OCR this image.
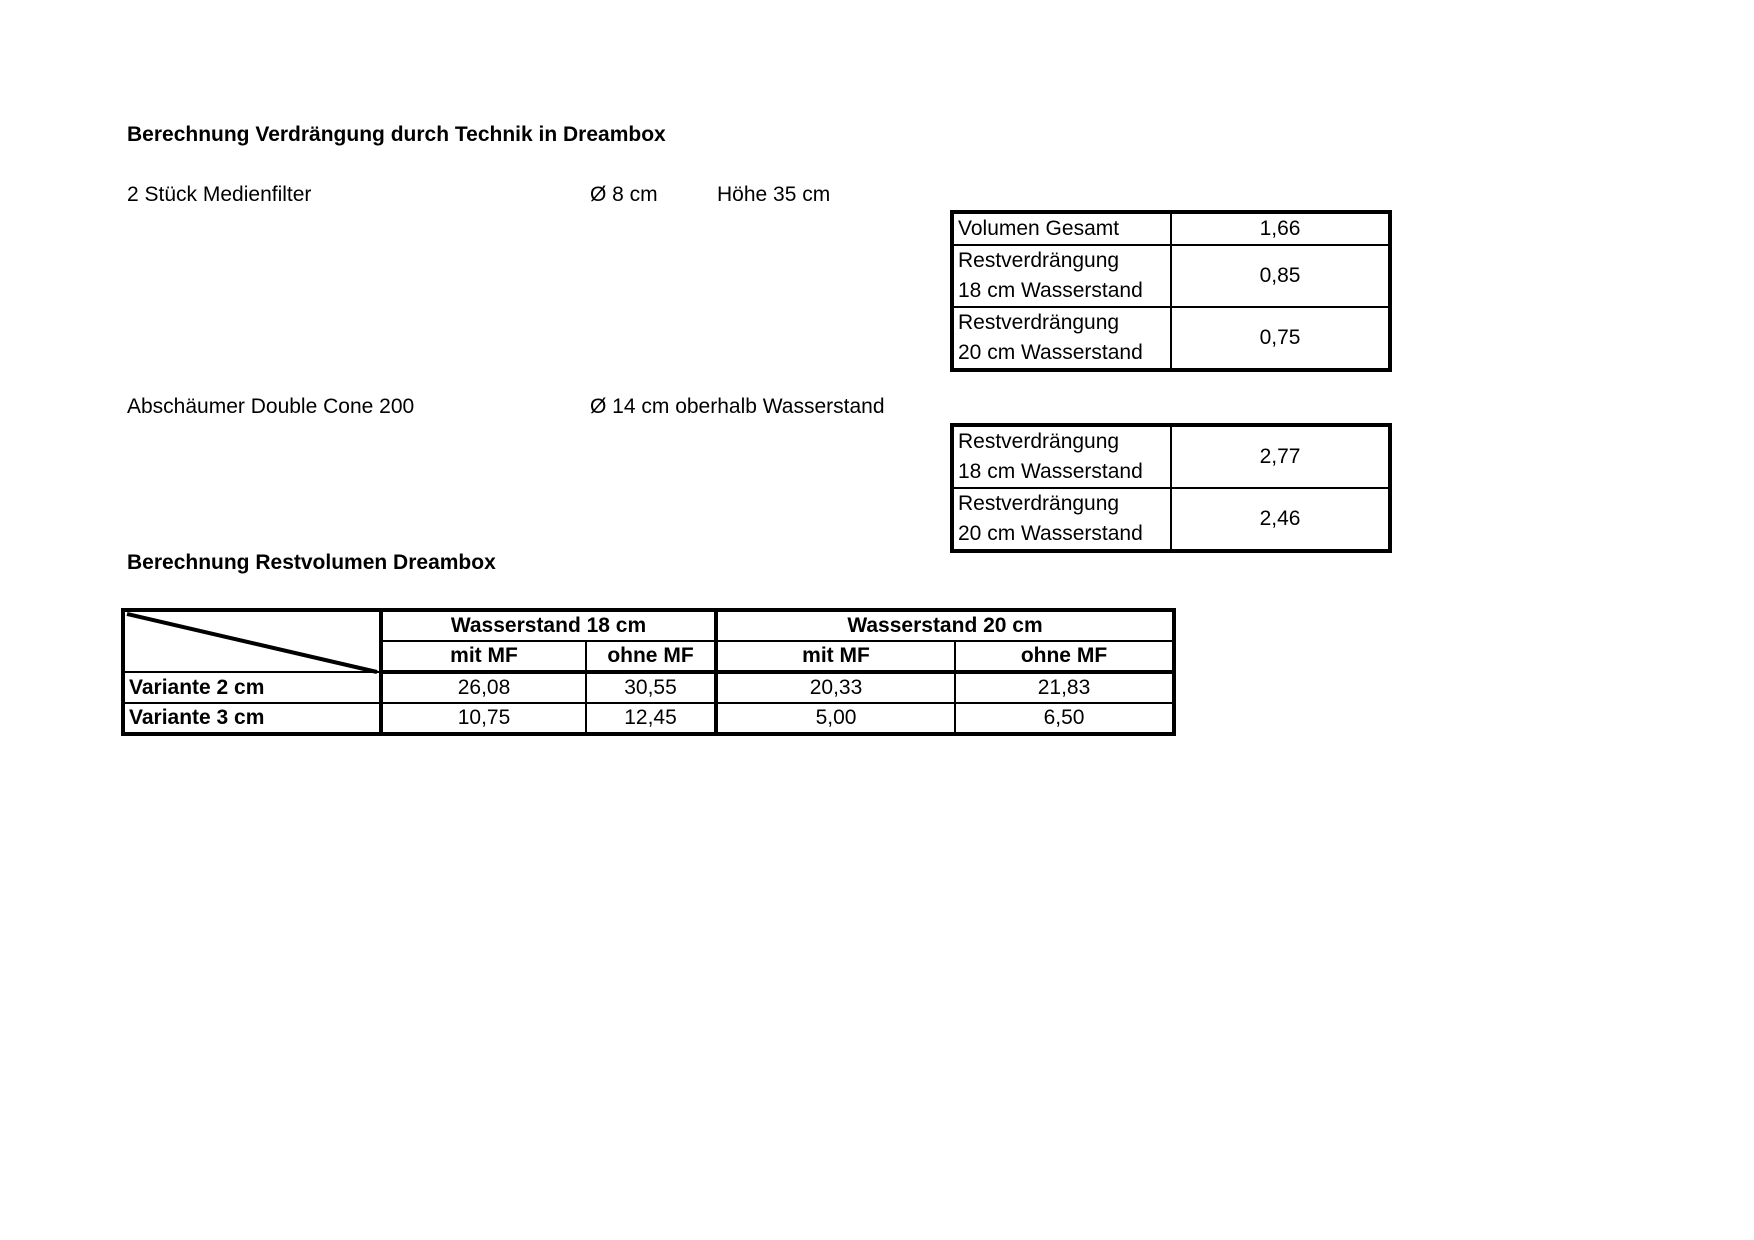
Berechnung Verdrängung durch Technik in Dreambox
2 Stück Medienfilter	Ø 8 cm	Höhe 35 cm
Volumen Gesamt	1,66

Restverdrängung
18 cm Wasserstand	0,85

Restverdrängung
20 cm Wasserstand	0,75
Abschäumer Double Cone 200	Ø 14 cm oberhalb Wasserstand
Restverdrängung
18 cm Wasserstand	2,77

Restverdrängung
20 cm Wasserstand	2,46
Berechnung Restvolumen Dreambox
	Wasserstand 18 cm		Wasserstand 20 cm	
	mit MF	ohne MF	mit MF	ohne MF
Variante 2 cm	26,08	30,55	20,33	21,83
Variante 3 cm	10,75	12,45	5,00	6,50
